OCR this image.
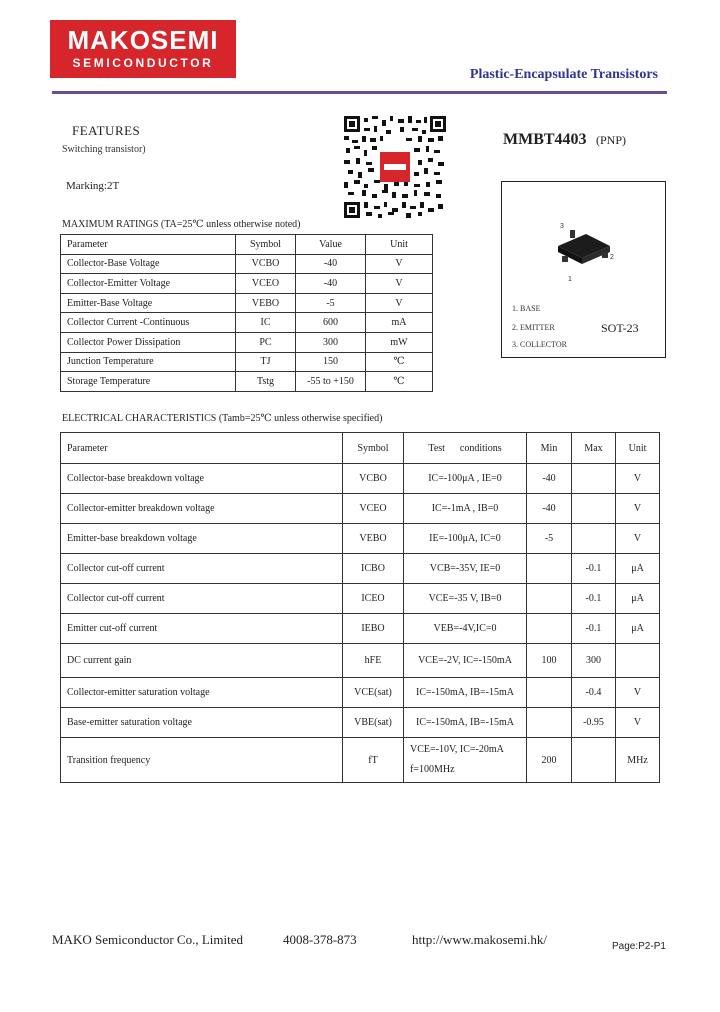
MAKOSEMI
SEMICONDUCTOR
Plastic-Encapsulate Transistors
FEATURES
Switching transistor)
Marking:2T
MMBT4403 (PNP)
3
2
1
1. BASE
2. EMITTER
3. COLLECTOR
SOT-23
MAXIMUM RATINGS (TA=25℃ unless otherwise noted)
Parameter	Symbol	Value	Unit
Collector-Base Voltage	VCBO	-40	V
Collector-Emitter Voltage	VCEO	-40	V
Emitter-Base Voltage	VEBO	-5	V
Collector Current -Continuous	IC	600	mA
Collector Power Dissipation	PC	300	mW
Junction Temperature	TJ	150	℃
Storage Temperature	Tstg	-55 to +150	℃
ELECTRICAL CHARACTERISTICS (Tamb=25℃ unless otherwise specified)
Parameter	Symbol	Test      conditions	Min	Max	Unit
Collector-base breakdown voltage	VCBO	IC=-100μA , IE=0	-40		V
Collector-emitter breakdown voltage	VCEO	IC=-1mA , IB=0	-40		V
Emitter-base breakdown voltage	VEBO	IE=-100μA, IC=0	-5		V
Collector cut-off current	ICBO	VCB=-35V, IE=0		-0.1	μA
Collector cut-off current	ICEO	VCE=-35 V, IB=0		-0.1	μA
Emitter cut-off current	IEBO	VEB=-4V,IC=0		-0.1	μA
DC current gain	hFE	VCE=-2V, IC=-150mA	100	300	
Collector-emitter saturation voltage	VCE(sat)	IC=-150mA, IB=-15mA		-0.4	V
Base-emitter saturation voltage	VBE(sat)	IC=-150mA, IB=-15mA		-0.95	V
Transition frequency	fT	VCE=-10V, IC=-20mA
f=100MHz	200		MHz
MAKO Semiconductor Co., Limited	4008-378-873	http://www.makosemi.hk/	Page:P2-P1
